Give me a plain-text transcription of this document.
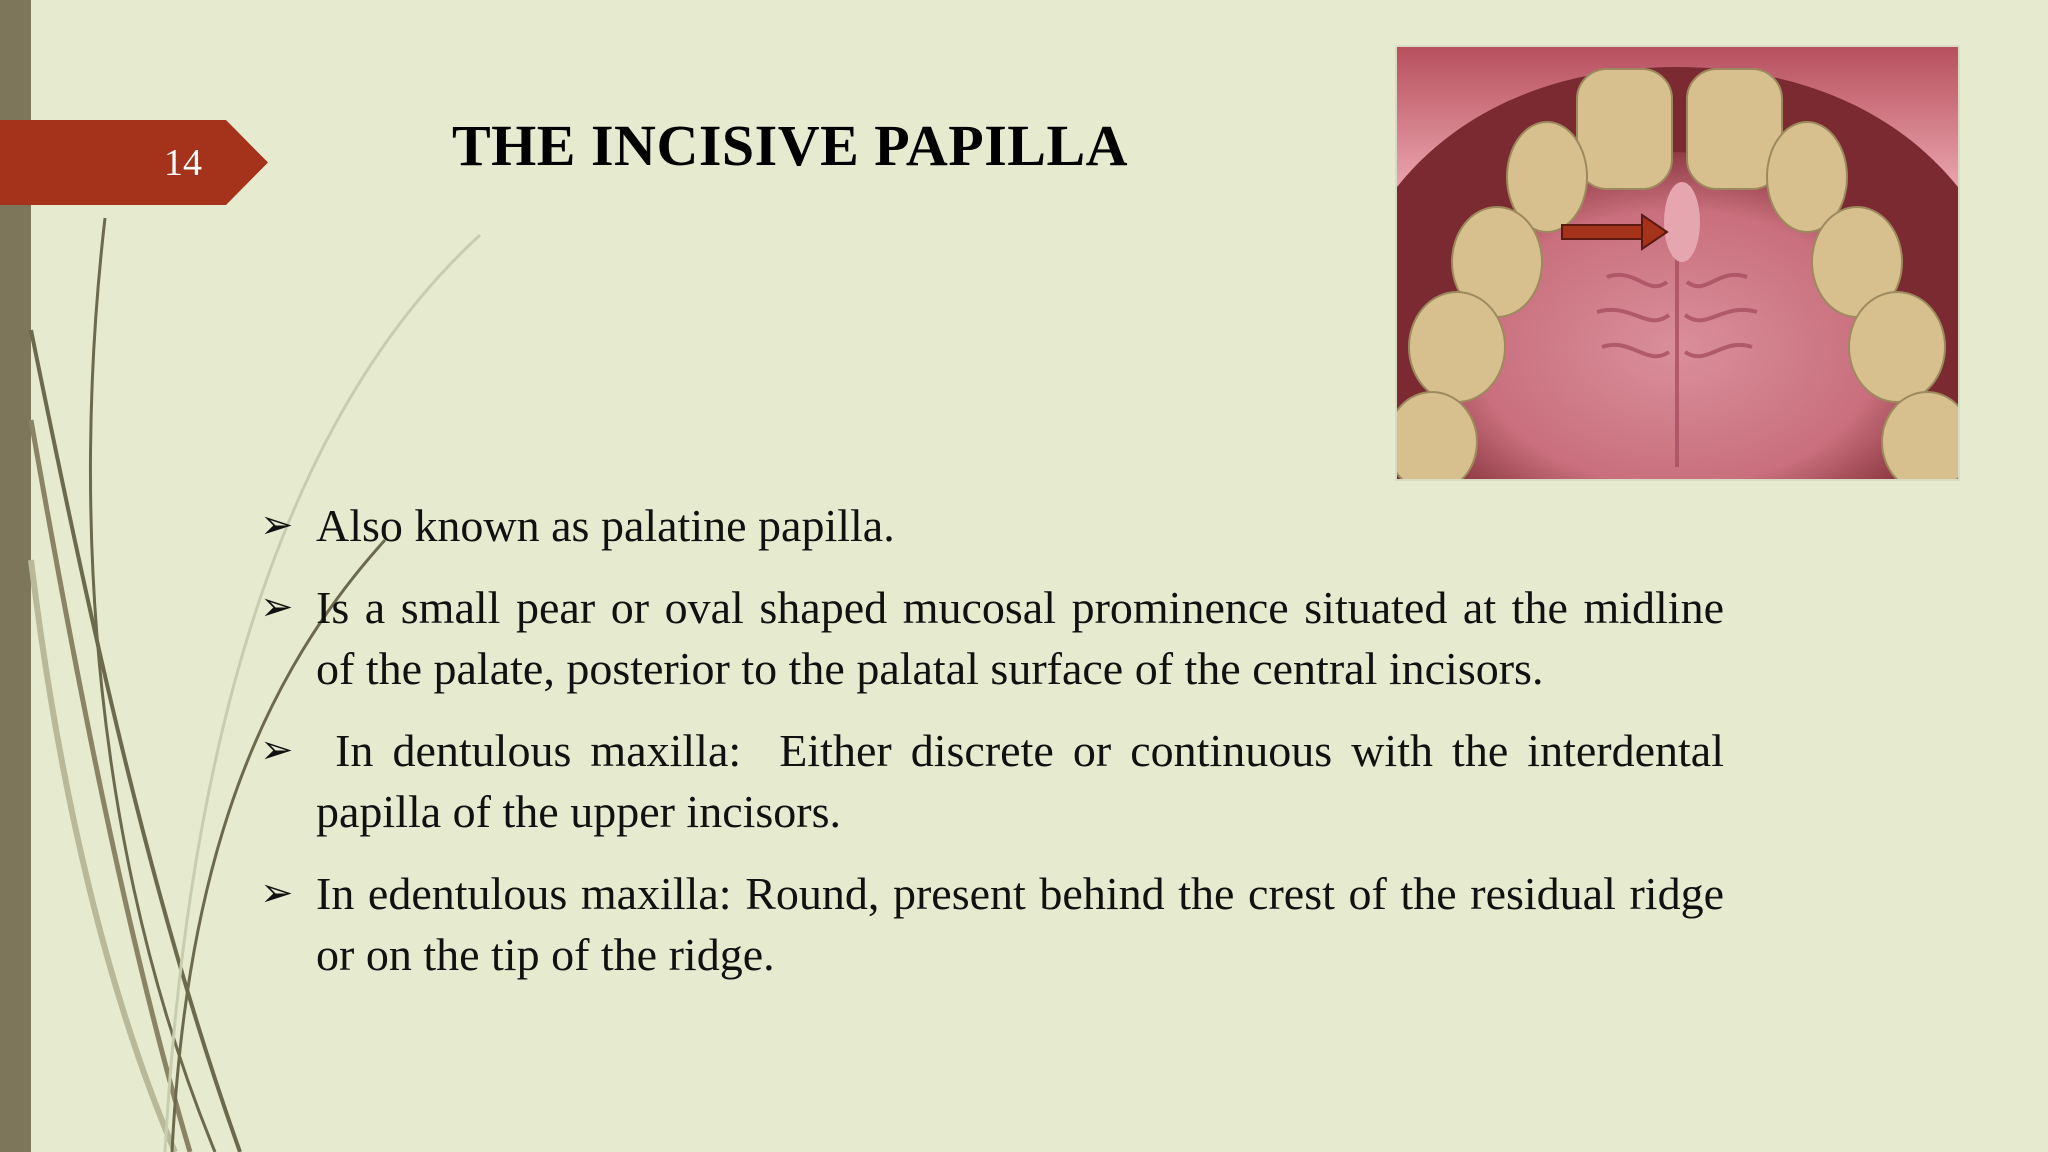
14	THE INCISIVE PAPILLA
➢ Also known as palatine papilla.
➢ Is a small pear or oval shaped mucosal prominence situated at the midline of the palate, posterior to the palatal surface of the central incisors.
➢ In dentulous maxilla:  Either discrete or continuous with the interdental papilla of the upper incisors.
➢ In edentulous maxilla: Round, present behind the crest of the residual ridge or on the tip of the ridge.
